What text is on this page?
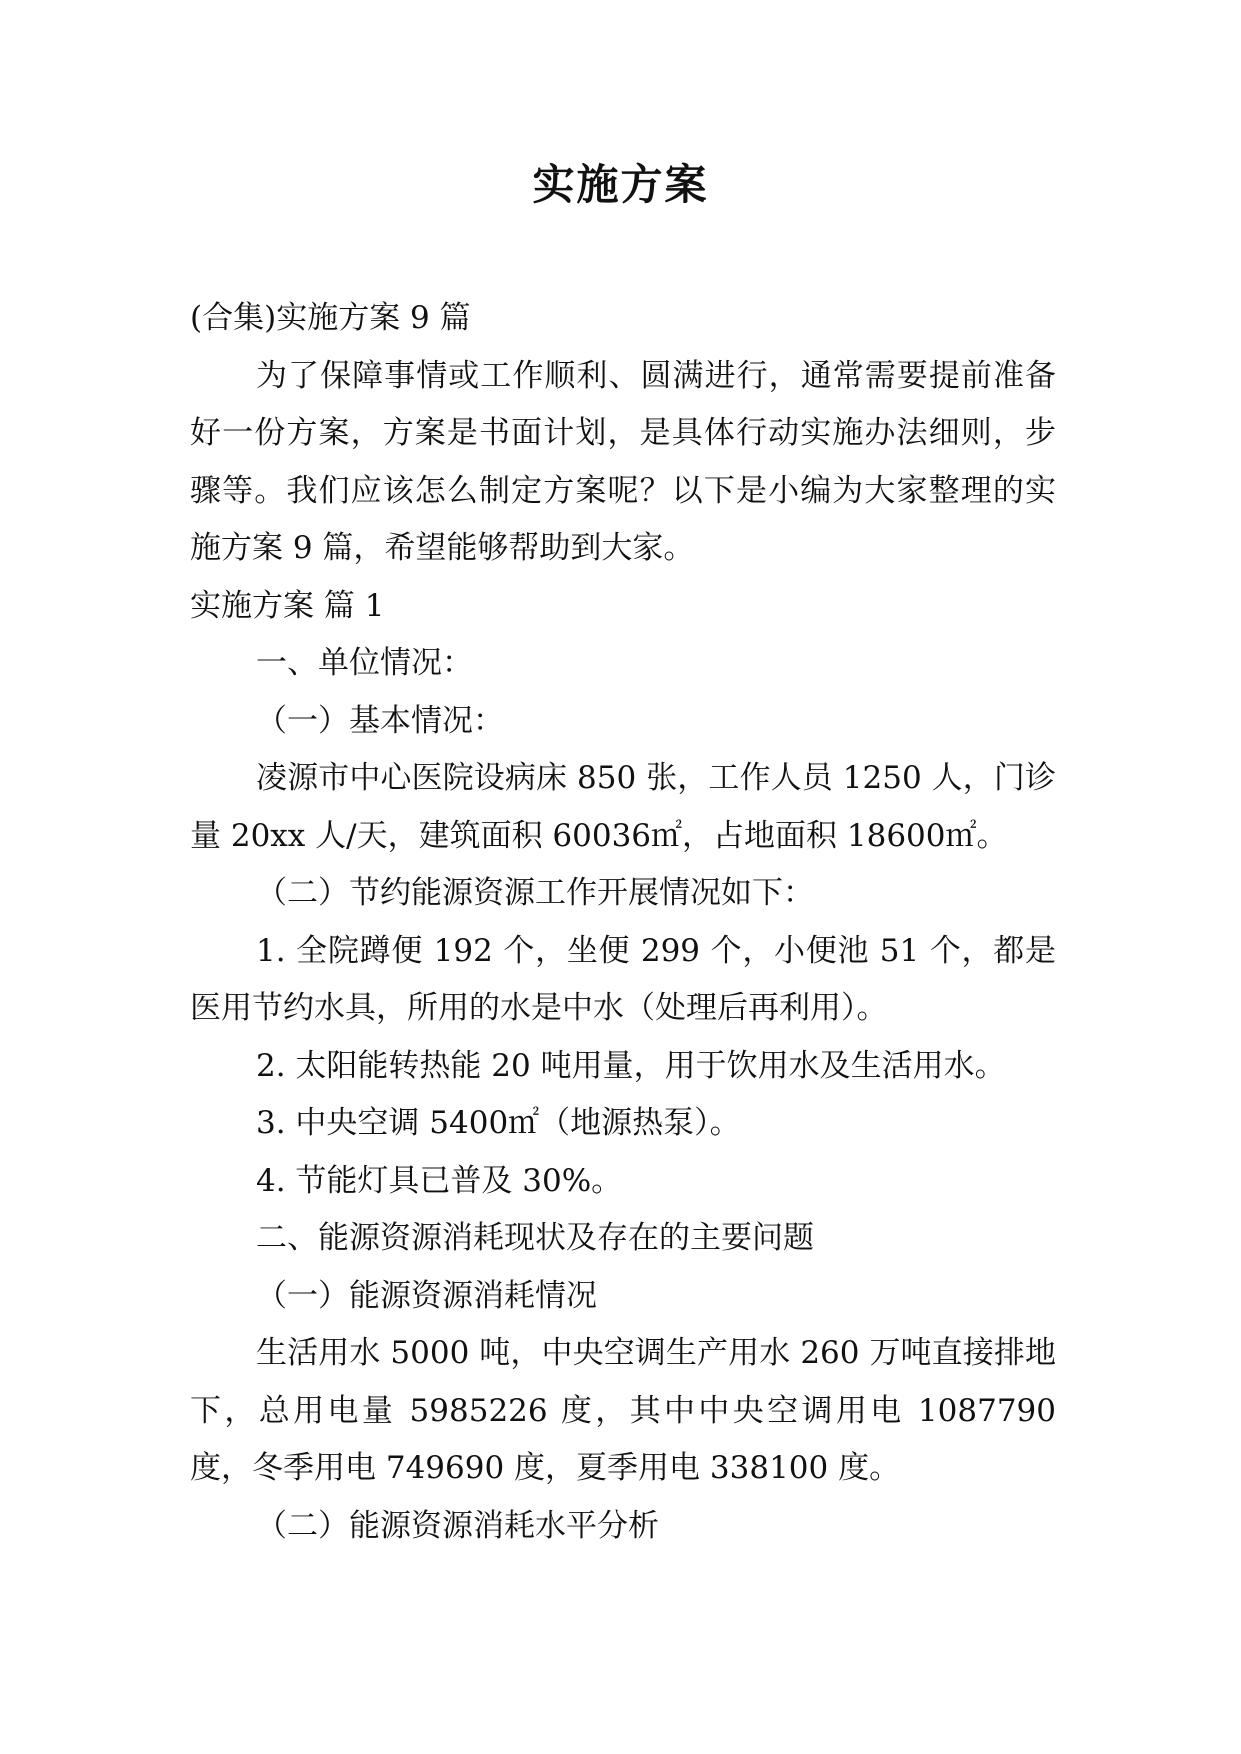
实施方案

(合集)实施方案 9 篇

为了保障事情或工作顺利、圆满进行，通常需要提前准备好一份方案，方案是书面计划，是具体行动实施办法细则，步骤等。我们应该怎么制定方案呢？以下是小编为大家整理的实施方案 9 篇，希望能够帮助到大家。

实施方案 篇 1

一、单位情况：

（一）基本情况：

凌源市中心医院设病床 850 张，工作人员 1250 人，门诊量 20xx 人/天，建筑面积 60036㎡，占地面积 18600㎡。

（二）节约能源资源工作开展情况如下：

1. 全院蹲便 192 个，坐便 299 个，小便池 51 个，都是医用节约水具，所用的水是中水（处理后再利用）。

2. 太阳能转热能 20 吨用量，用于饮用水及生活用水。

3. 中央空调 5400㎡（地源热泵）。

4. 节能灯具已普及 30%。

二、能源资源消耗现状及存在的主要问题

（一）能源资源消耗情况

生活用水 5000 吨，中央空调生产用水 260 万吨直接排地下，总用电量 5985226 度，其中中央空调用电 1087790 度，冬季用电 749690 度，夏季用电 338100 度。

（二）能源资源消耗水平分析
